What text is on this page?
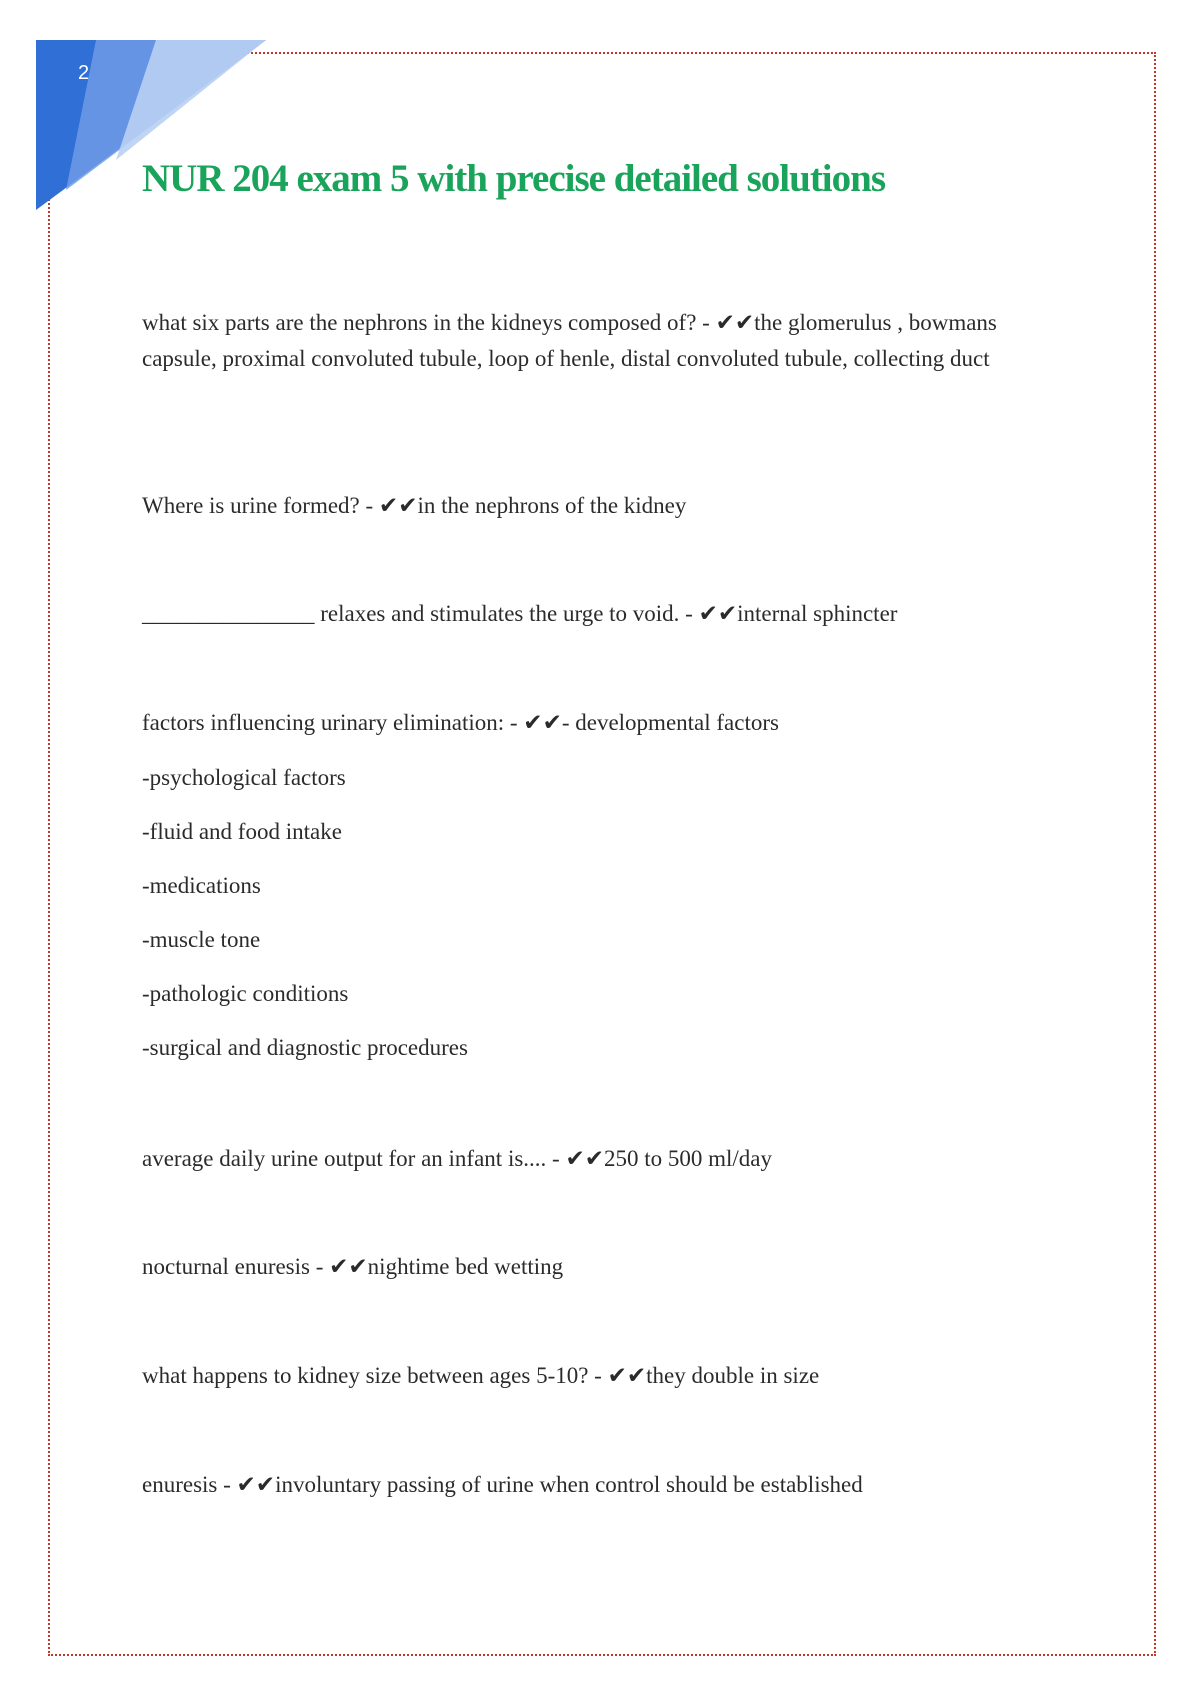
2
NUR 204 exam 5 with precise detailed solutions

what six parts are the nephrons in the kidneys composed of? - ✔✔the glomerulus , bowmans capsule, proximal convoluted tubule, loop of henle, distal convoluted tubule, collecting duct

Where is urine formed? - ✔✔in the nephrons of the kidney

_______________ relaxes and stimulates the urge to void. - ✔✔internal sphincter

factors influencing urinary elimination: - ✔✔- developmental factors

-psychological factors
-fluid and food intake
-medications
-muscle tone
-pathologic conditions
-surgical and diagnostic procedures

average daily urine output for an infant is.... - ✔✔250 to 500 ml/day

nocturnal enuresis - ✔✔nightime bed wetting

what happens to kidney size between ages 5-10? - ✔✔they double in size

enuresis - ✔✔involuntary passing of urine when control should be established
